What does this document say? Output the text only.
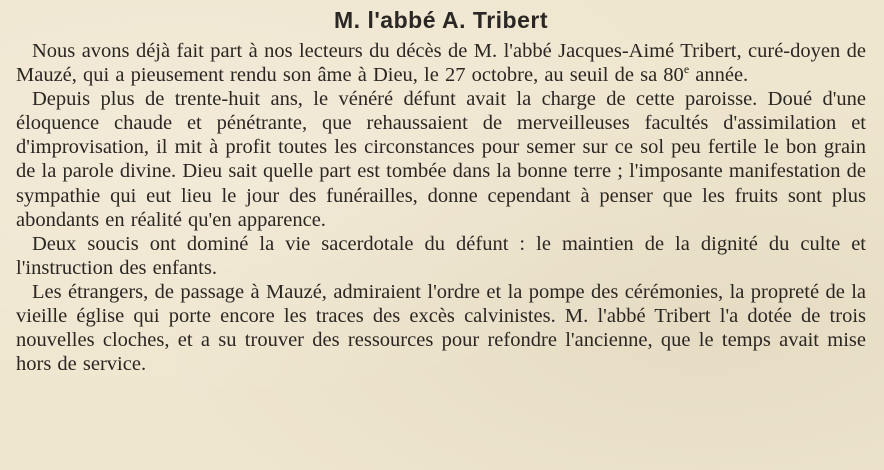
M. l'abbé A. Tribert

Nous avons déjà fait part à nos lecteurs du décès de M. l'abbé Jacques-Aimé Tribert, curé-doyen de Mauzé, qui a pieusement rendu son âme à Dieu, le 27 octobre, au seuil de sa 80e année.

Depuis plus de trente-huit ans, le vénéré défunt avait la charge de cette paroisse. Doué d'une éloquence chaude et pénétrante, que rehaussaient de merveilleuses facultés d'assimilation et d'improvisation, il mit à profit toutes les circonstances pour semer sur ce sol peu fertile le bon grain de la parole divine. Dieu sait quelle part est tombée dans la bonne terre ; l'imposante manifestation de sympathie qui eut lieu le jour des funérailles, donne cependant à penser que les fruits sont plus abondants en réalité qu'en apparence.

Deux soucis ont dominé la vie sacerdotale du défunt : le maintien de la dignité du culte et l'instruction des enfants.

Les étrangers, de passage à Mauzé, admiraient l'ordre et la pompe des cérémonies, la propreté de la vieille église qui porte encore les traces des excès calvinistes. M. l'abbé Tribert l'a dotée de trois nouvelles cloches, et a su trouver des ressources pour refondre l'ancienne, que le temps avait mise hors de service.
